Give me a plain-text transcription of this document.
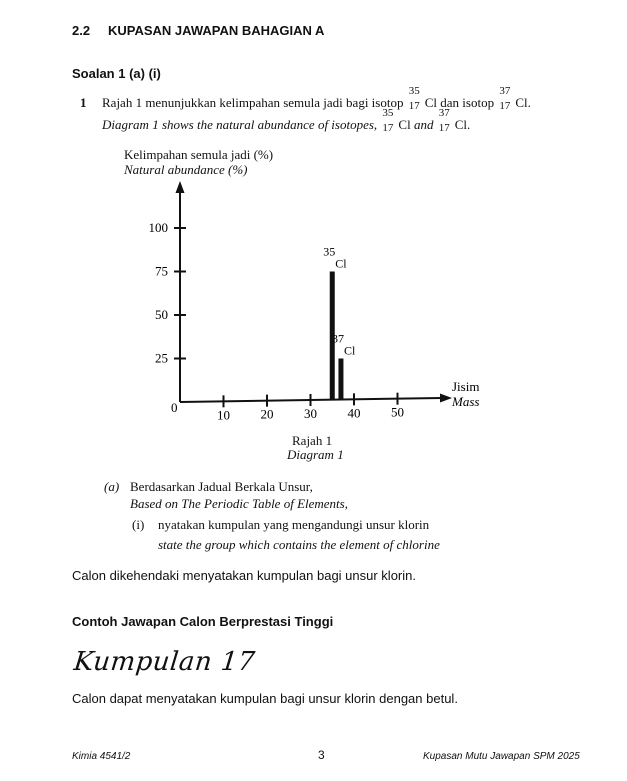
2.2 KUPASAN JAWAPAN BAHAGIAN A
Soalan 1 (a) (i)
1 Rajah 1 menunjukkan kelimpahan semula jadi bagi isotop
35
17 Cl dan isotop
37
17 Cl.
Diagram 1 shows the natural abundance of isotopes,
35
17 Cl and
37
17 Cl.
Kelimpahan semula jadi (%)
Natural abundance (%)
0
Jisim
Mass
10 20 30 40 50
25
50
75
100
35
Cl
37
Cl
Rajah 1
Diagram 1
(a) Berdasarkan Jadual Berkala Unsur,
Based on The Periodic Table of Elements,
(i) nyatakan kumpulan yang mengandungi unsur klorin
state the group which contains the element of chlorine
Calon dikehendaki menyatakan kumpulan bagi unsur klorin.
Contoh Jawapan Calon Berprestasi Tinggi
Kumpulan 17
Calon dapat menyatakan kumpulan bagi unsur klorin dengan betul.
Kimia 4541/2	3	Kupasan Mutu Jawapan SPM 2025
